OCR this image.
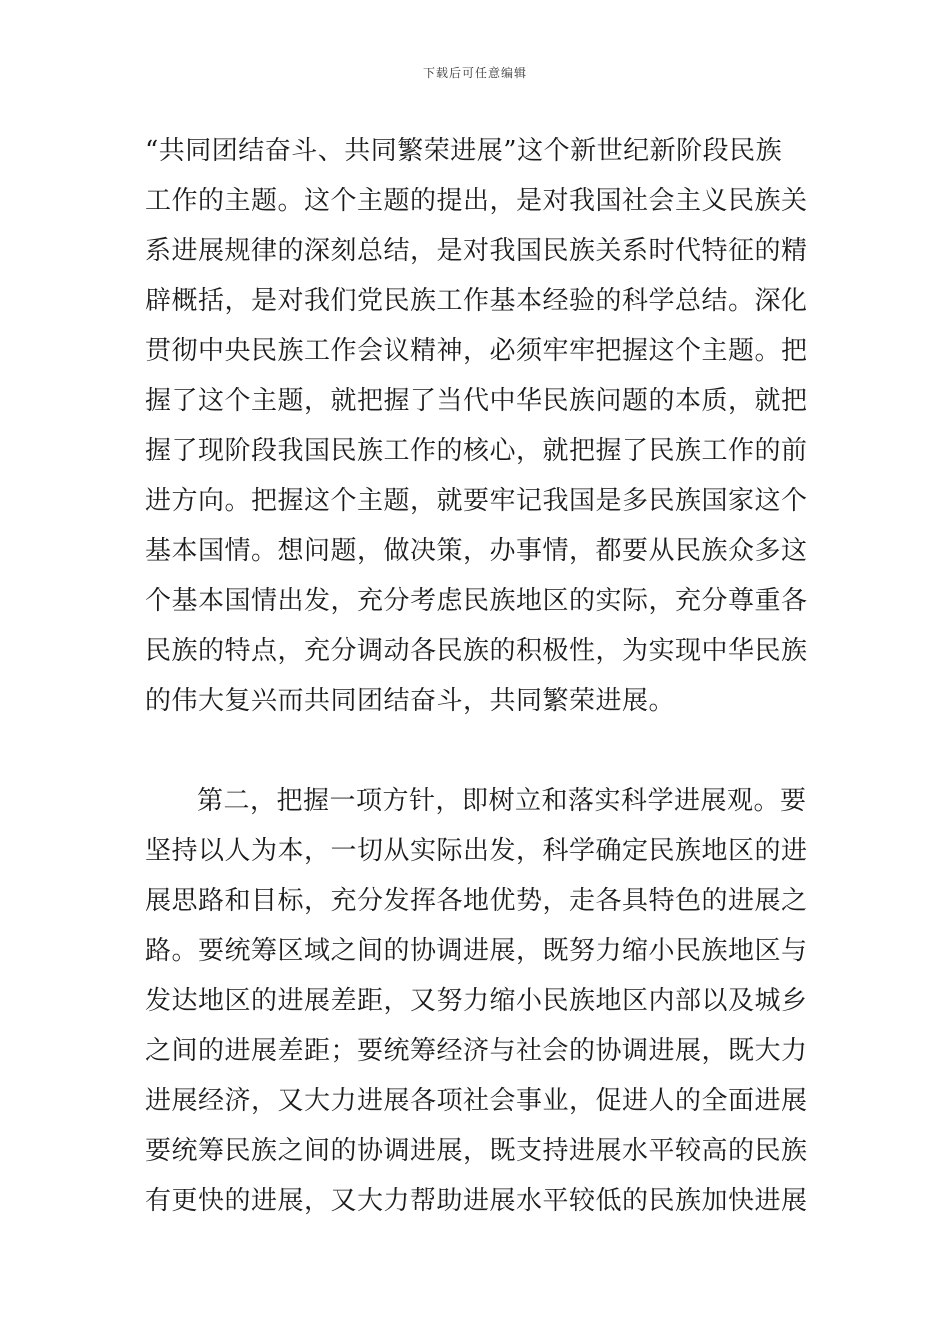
下载后可任意编辑
“共同团结奋斗、共同繁荣进展”这个新世纪新阶段民族
工作的主题。这个主题的提出，是对我国社会主义民族关
系进展规律的深刻总结，是对我国民族关系时代特征的精
辟概括，是对我们党民族工作基本经验的科学总结。深化
贯彻中央民族工作会议精神，必须牢牢把握这个主题。把
握了这个主题，就把握了当代中华民族问题的本质，就把
握了现阶段我国民族工作的核心，就把握了民族工作的前
进方向。把握这个主题，就要牢记我国是多民族国家这个
基本国情。想问题，做决策，办事情，都要从民族众多这
个基本国情出发，充分考虑民族地区的实际，充分尊重各
民族的特点，充分调动各民族的积极性，为实现中华民族
的伟大复兴而共同团结奋斗，共同繁荣进展。
第二，把握一项方针，即树立和落实科学进展观。要
坚持以人为本，一切从实际出发，科学确定民族地区的进
展思路和目标，充分发挥各地优势，走各具特色的进展之
路。要统筹区域之间的协调进展，既努力缩小民族地区与
发达地区的进展差距，又努力缩小民族地区内部以及城乡
之间的进展差距；要统筹经济与社会的协调进展，既大力
进展经济，又大力进展各项社会事业，促进人的全面进展
要统筹民族之间的协调进展，既支持进展水平较高的民族
有更快的进展，又大力帮助进展水平较低的民族加快进展
